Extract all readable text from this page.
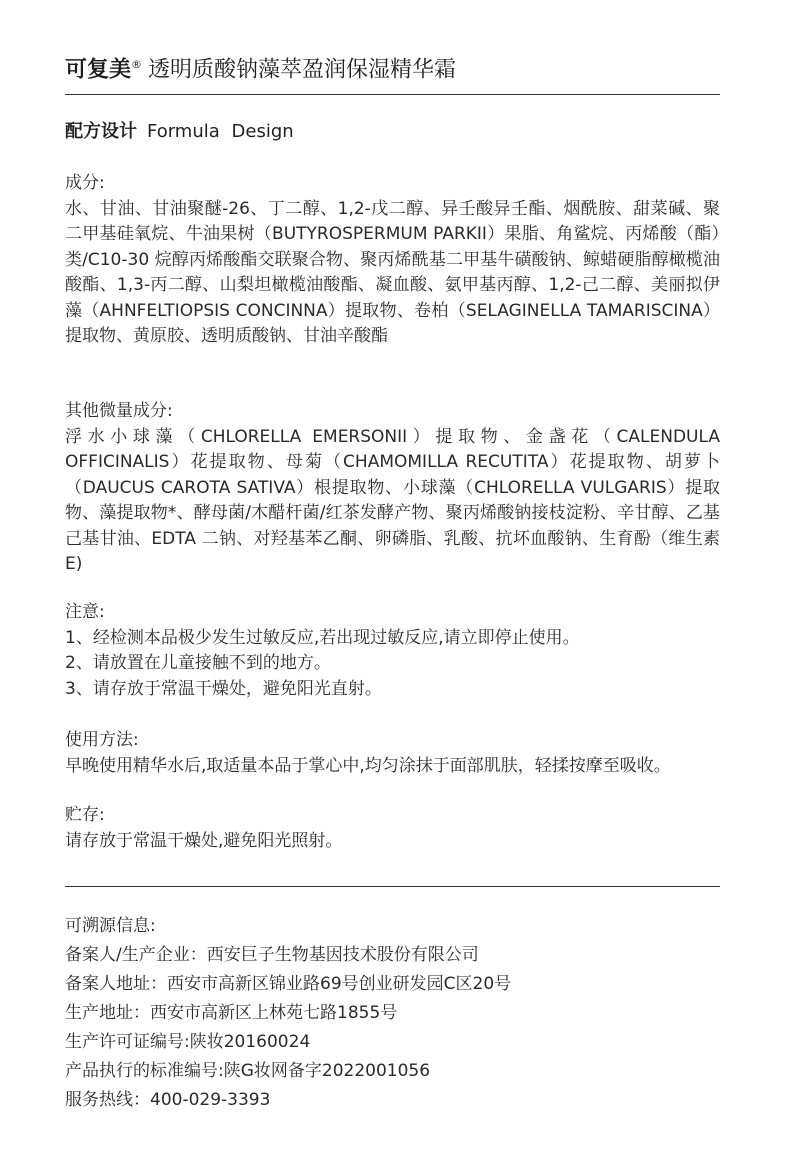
可复美® 透明质酸钠藻萃盈润保湿精华霜
配方设计 Formula Design
成分:
水、甘油、甘油聚醚-26、丁二醇、1,2-戊二醇、异壬酸异壬酯、烟酰胺、甜菜碱、聚二甲基硅氧烷、牛油果树（BUTYROSPERMUM PARKII）果脂、角鲨烷、丙烯酸（酯）类/C10-30 烷醇丙烯酸酯交联聚合物、聚丙烯酰基二甲基牛磺酸钠、鲸蜡硬脂醇橄榄油酸酯、1,3-丙二醇、山梨坦橄榄油酸酯、凝血酸、氨甲基丙醇、1,2-己二醇、美丽拟伊藻（AHNFELTIOPSIS CONCINNA）提取物、卷柏（SELAGINELLA TAMARISCINA）提取物、黄原胶、透明质酸钠、甘油辛酸酯
其他微量成分:
浮水小球藻（CHLORELLA EMERSONII）提取物、金盏花（CALENDULA OFFICINALIS）花提取物、母菊（CHAMOMILLA RECUTITA）花提取物、胡萝卜（DAUCUS CAROTA SATIVA）根提取物、小球藻（CHLORELLA VULGARIS）提取物、藻提取物*、酵母菌/木醋杆菌/红茶发酵产物、聚丙烯酸钠接枝淀粉、辛甘醇、乙基己基甘油、EDTA 二钠、对羟基苯乙酮、卵磷脂、乳酸、抗坏血酸钠、生育酚（维生素E)
注意:
1、经检测本品极少发生过敏反应,若出现过敏反应,请立即停止使用。
2、请放置在儿童接触不到的地方。
3、请存放于常温干燥处，避免阳光直射。
使用方法:
早晚使用精华水后,取适量本品于掌心中,均匀涂抹于面部肌肤，轻揉按摩至吸收。
贮存:
请存放于常温干燥处,避免阳光照射。
可溯源信息:
备案人/生产企业：西安巨子生物基因技术股份有限公司
备案人地址：西安市高新区锦业路69号创业研发园C区20号
生产地址：西安市高新区上林苑七路1855号
生产许可证编号:陕妆20160024
产品执行的标准编号:陕G妆网备字2022001056
服务热线：400-029-3393
